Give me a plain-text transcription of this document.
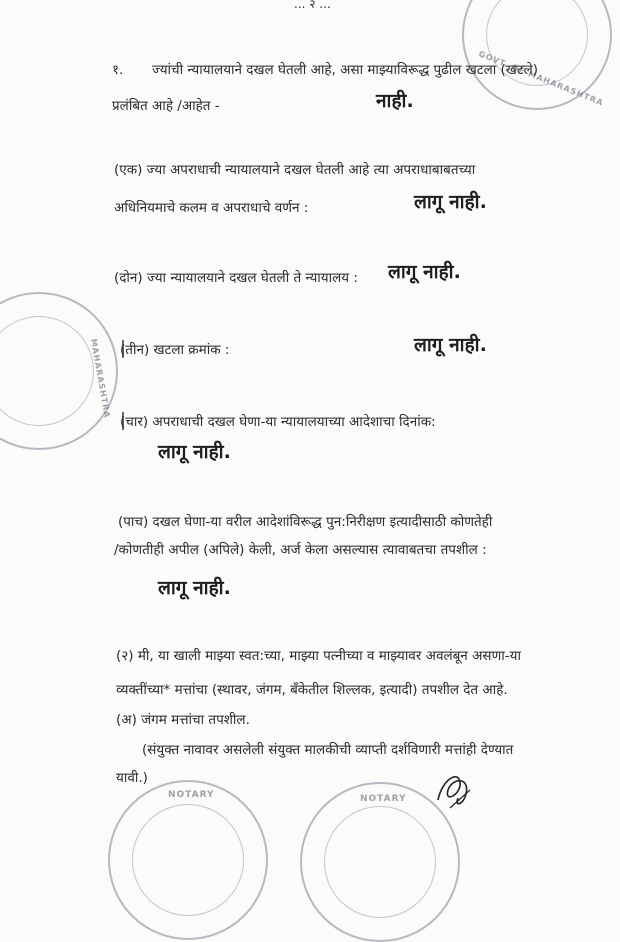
... २ ...
GOVT. OF MAHARASHTRA
MAHARASHTRA
NOTARY	NOTARY
१. ज्यांची न्यायालयाने दखल घेतली आहे, असा माझ्याविरूद्ध पुढील खटला (खटले)
प्रलंबित आहे /आहेत -	नाही.
(एक) ज्या अपराधाची न्यायालयाने दखल घेतली आहे त्या अपराधाबाबतच्या
अधिनियमाचे कलम व अपराधाचे वर्णन :	लागू नाही.
(दोन) ज्या न्यायालयाने दखल घेतली ते न्यायालय : लागू नाही.
(तीन) खटला क्रमांक :	लागू नाही.
(चार) अपराधाची दखल घेणा-या न्यायालयाच्या आदेशाचा दिनांक:
लागू नाही.
(पाच) दखल घेणा-या वरील आदेशांविरूद्ध पुन:निरीक्षण इत्यादीसाठी कोणतेही
/कोणतीही अपील (अपिले) केली, अर्ज केला असल्यास त्यावाबतचा तपशील :
लागू नाही.
(२) मी, या खाली माझ्या स्वत:च्या, माझ्या पत्नीच्या व माझ्यावर अवलंबून असणा-या
व्यक्तींच्या* मत्तांचा (स्थावर, जंगम, बँकेतील शिल्लक, इत्यादी) तपशील देत आहे.
(अ) जंगम मत्तांचा तपशील.
(संयुक्त नावावर असलेली संयुक्त मालकीची व्याप्ती दर्शविणारी मत्तांही देण्यात
यावी.)
